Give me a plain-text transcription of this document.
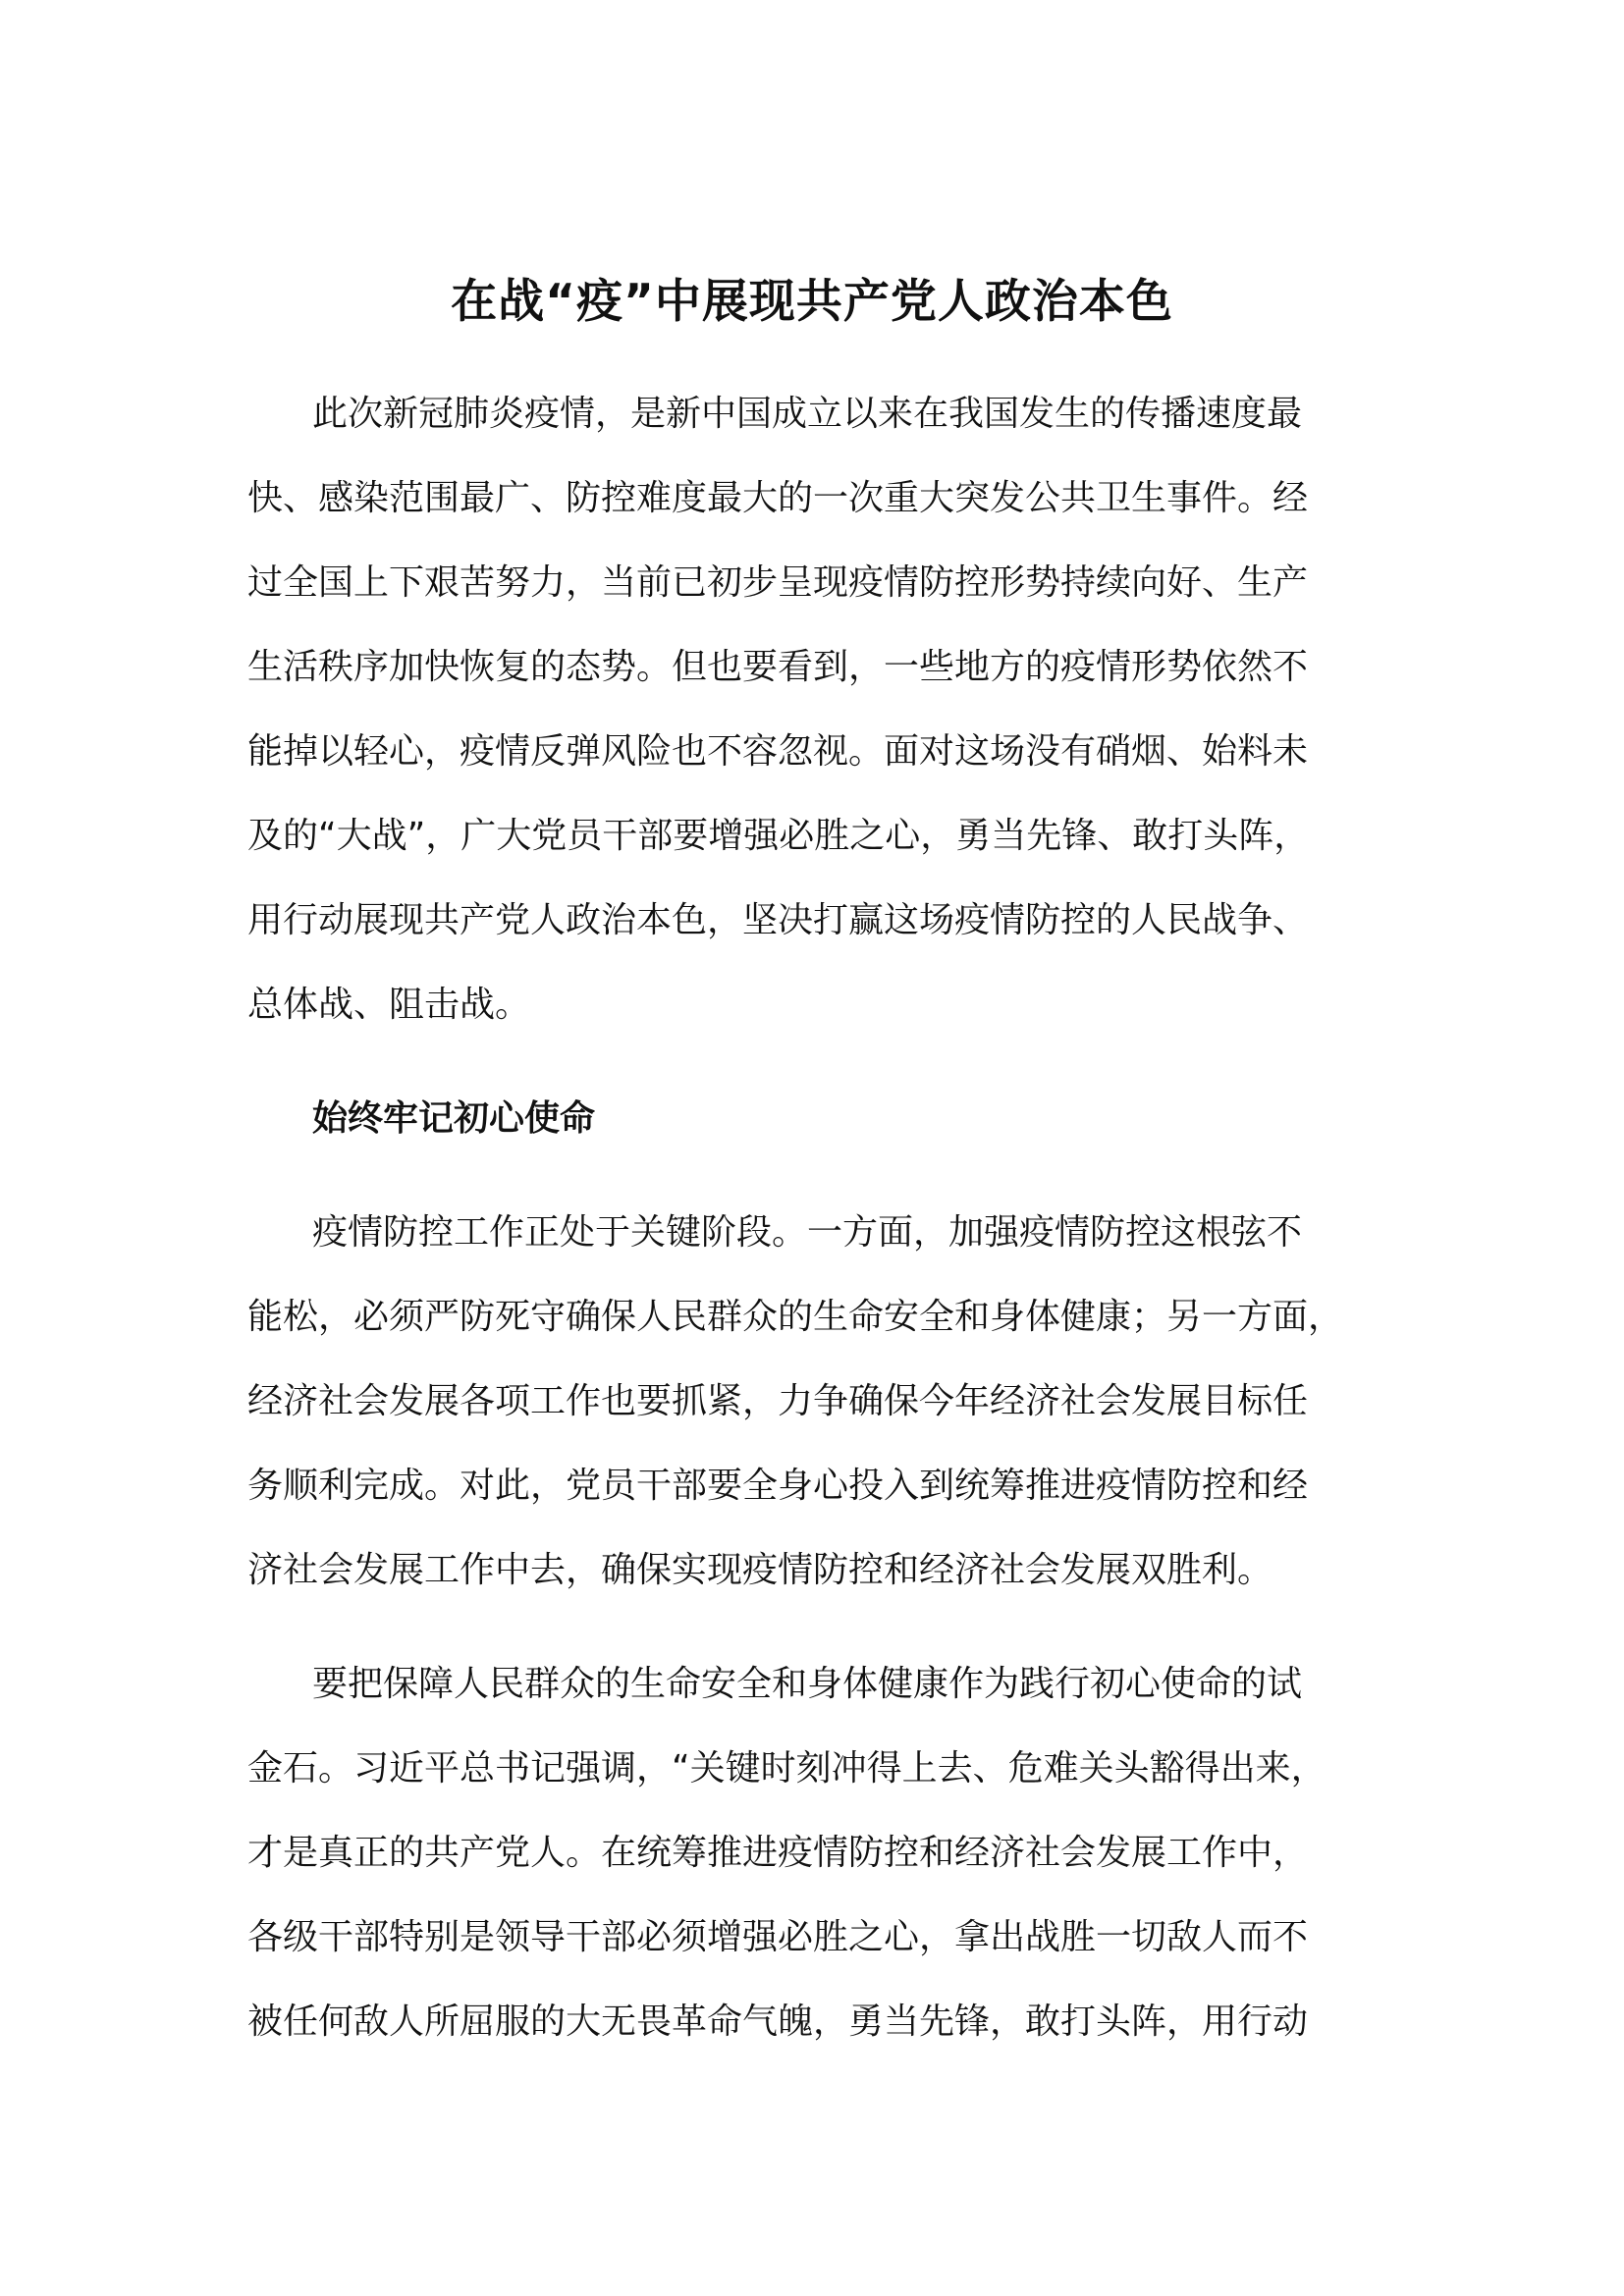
在战“疫”中展现共产党人政治本色
此次新冠肺炎疫情，是新中国成立以来在我国发生的传播速度最
快、感染范围最广、防控难度最大的一次重大突发公共卫生事件。经
过全国上下艰苦努力，当前已初步呈现疫情防控形势持续向好、生产
生活秩序加快恢复的态势。但也要看到，一些地方的疫情形势依然不
能掉以轻心，疫情反弹风险也不容忽视。面对这场没有硝烟、始料未
及的“大战”，广大党员干部要增强必胜之心，勇当先锋、敢打头阵，
用行动展现共产党人政治本色，坚决打赢这场疫情防控的人民战争、
总体战、阻击战。
始终牢记初心使命
疫情防控工作正处于关键阶段。一方面，加强疫情防控这根弦不
能松，必须严防死守确保人民群众的生命安全和身体健康；另一方面，
经济社会发展各项工作也要抓紧，力争确保今年经济社会发展目标任
务顺利完成。对此，党员干部要全身心投入到统筹推进疫情防控和经
济社会发展工作中去，确保实现疫情防控和经济社会发展双胜利。
要把保障人民群众的生命安全和身体健康作为践行初心使命的试
金石。习近平总书记强调，“关键时刻冲得上去、危难关头豁得出来，
才是真正的共产党人。在统筹推进疫情防控和经济社会发展工作中，
各级干部特别是领导干部必须增强必胜之心，拿出战胜一切敌人而不
被任何敌人所屈服的大无畏革命气魄，勇当先锋，敢打头阵，用行动
